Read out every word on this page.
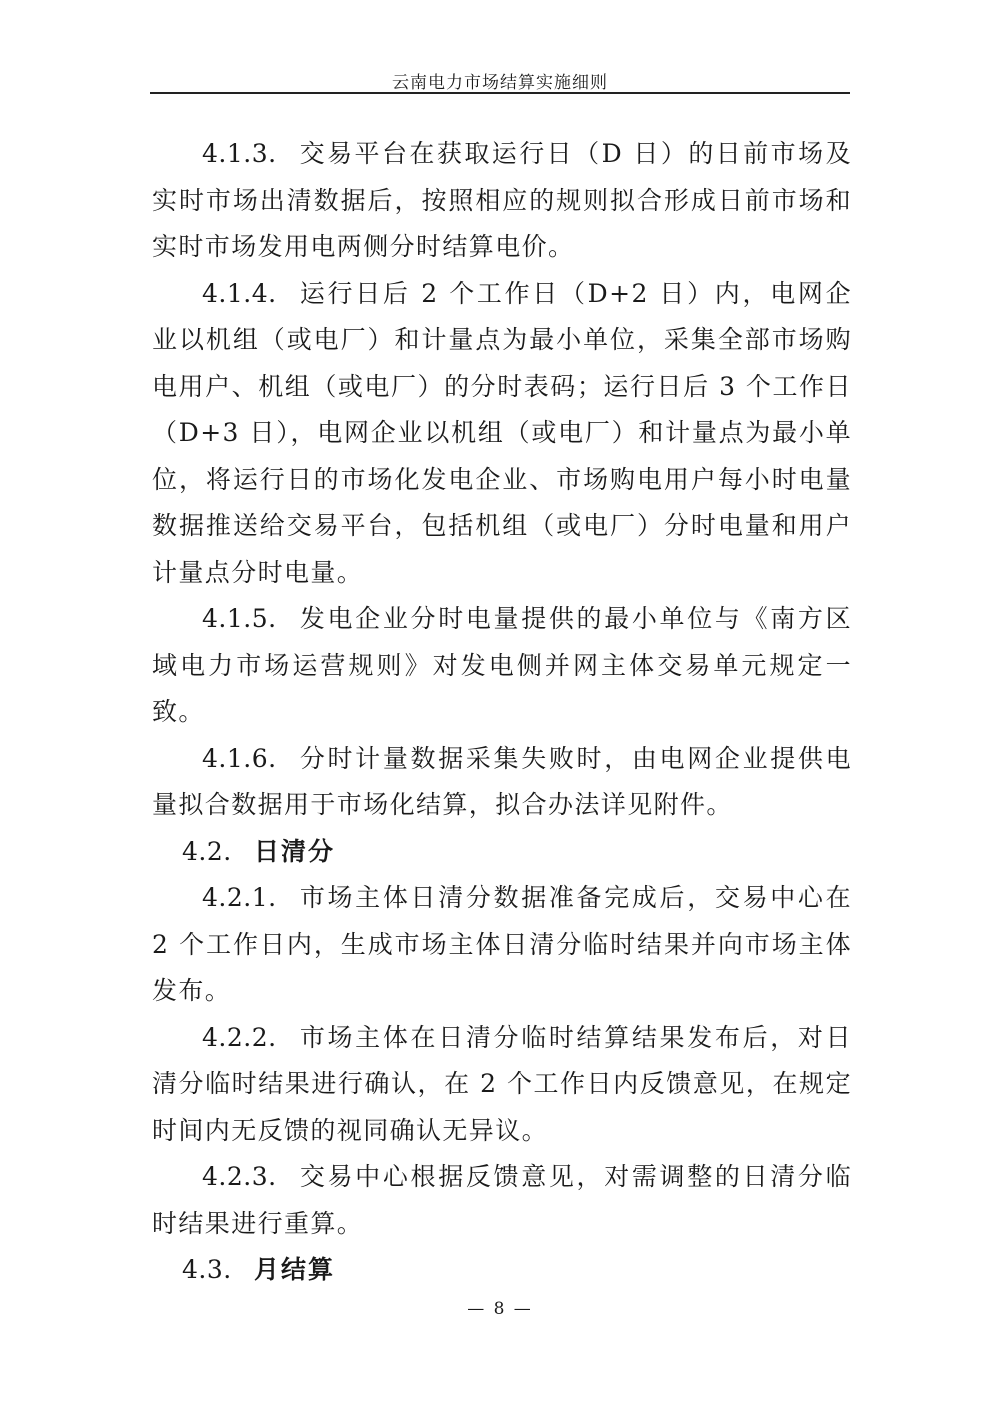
云南电力市场结算实施细则

4.1.3. 交易平台在获取运行日（D 日）的日前市场及实时市场出清数据后，按照相应的规则拟合形成日前市场和实时市场发用电两侧分时结算电价。

4.1.4. 运行日后 2 个工作日（D+2 日）内，电网企业以机组（或电厂）和计量点为最小单位，采集全部市场购电用户、机组（或电厂）的分时表码；运行日后 3 个工作日（D+3 日），电网企业以机组（或电厂）和计量点为最小单位，将运行日的市场化发电企业、市场购电用户每小时电量数据推送给交易平台，包括机组（或电厂）分时电量和用户计量点分时电量。

4.1.5. 发电企业分时电量提供的最小单位与《南方区域电力市场运营规则》对发电侧并网主体交易单元规定一致。

4.1.6. 分时计量数据采集失败时，由电网企业提供电量拟合数据用于市场化结算，拟合办法详见附件。

4.2. 日清分

4.2.1. 市场主体日清分数据准备完成后，交易中心在 2 个工作日内，生成市场主体日清分临时结果并向市场主体发布。

4.2.2. 市场主体在日清分临时结算结果发布后，对日清分临时结果进行确认，在 2 个工作日内反馈意见，在规定时间内无反馈的视同确认无异议。

4.2.3. 交易中心根据反馈意见，对需调整的日清分临时结果进行重算。

4.3. 月结算
— 8 —
